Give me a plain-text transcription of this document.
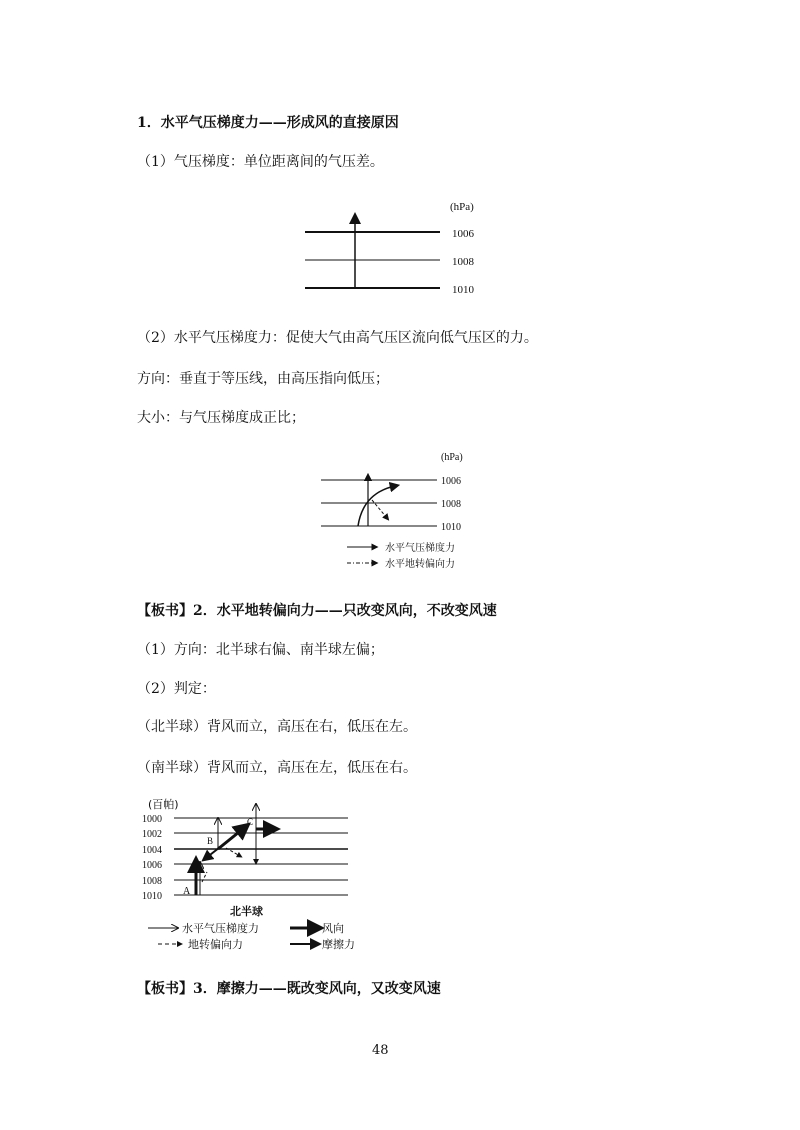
1．水平气压梯度力——形成风的直接原因
（1）气压梯度：单位距离间的气压差。
(hPa)
1006
1008
1010
（2）水平气压梯度力：促使大气由高气压区流向低气压区的力。
方向：垂直于等压线，由高压指向低压；
大小：与气压梯度成正比；
(hPa)
1006
1008
1010
水平气压梯度力
水平地转偏向力
【板书】2．水平地转偏向力——只改变风向，不改变风速
（1）方向：北半球右偏、南半球左偏；
（2）判定：
（北半球）背风而立，高压在右，低压在左。
（南半球）背风而立，高压在左，低压在右。
(百帕)
1000
1002
1004
1006
1008
1010 A
B
C
北半球
水平气压梯度力	风向
地转偏向力	摩擦力
【板书】3．摩擦力——既改变风向，又改变风速
48
